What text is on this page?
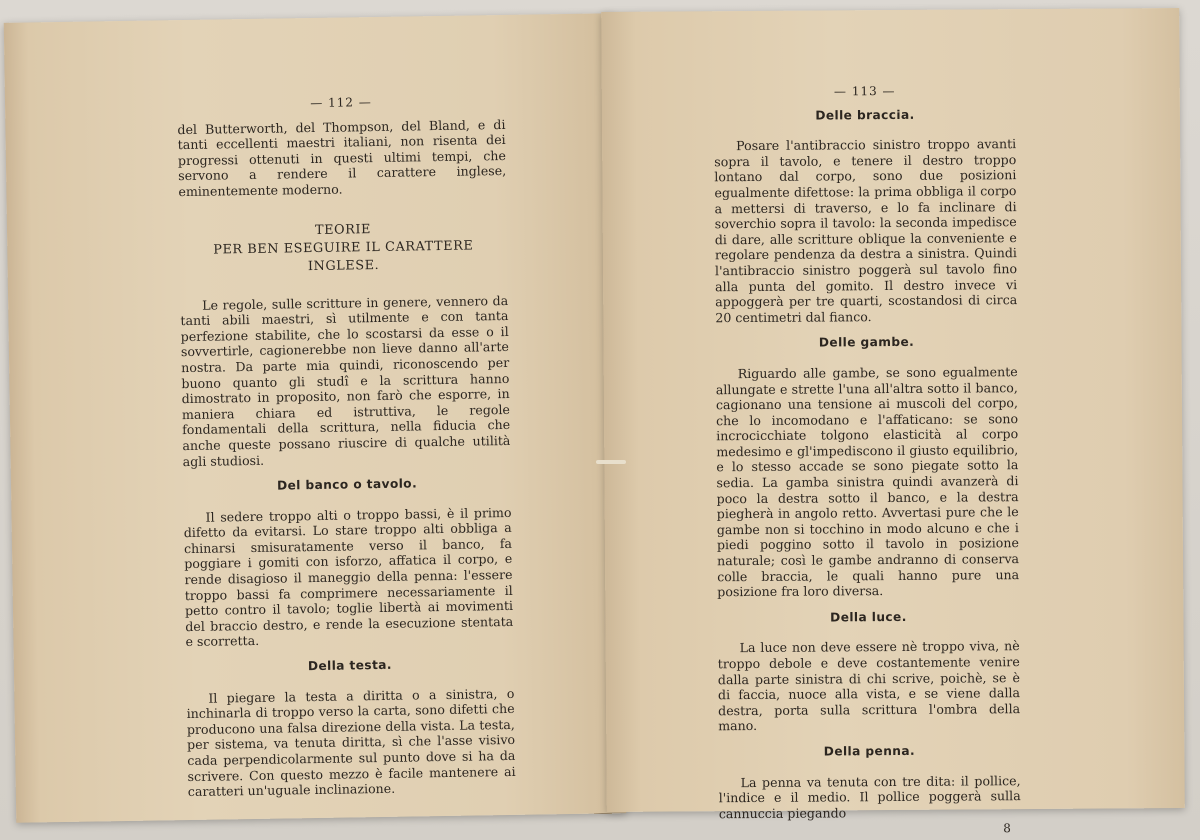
— 112 —

del Butterworth, del Thompson, del Bland, e di tanti eccellenti maestri italiani, non risenta dei progressi ottenuti in questi ultimi tempi, che servono a rendere il carattere inglese, eminentemente moderno.

TEORIE
PER BEN ESEGUIRE IL CARATTERE INGLESE.

Le regole, sulle scritture in genere, vennero da tanti abili maestri, sì utilmente e con tanta perfezione stabilite, che lo scostarsi da esse o il sovvertirle, cagionerebbe non lieve danno all'arte nostra. Da parte mia quindi, riconoscendo per buono quanto gli studî e la scrittura hanno dimostrato in proposito, non farò che esporre, in maniera chiara ed istruttiva, le regole fondamentali della scrittura, nella fiducia che anche queste possano riuscire di qualche utilità agli studiosi.

Del banco o tavolo.

Il sedere troppo alti o troppo bassi, è il primo difetto da evitarsi. Lo stare troppo alti obbliga a chinarsi smisuratamente verso il banco, fa poggiare i gomiti con isforzo, affatica il corpo, e rende disagioso il maneggio della penna: l'essere troppo bassi fa comprimere necessariamente il petto contro il tavolo; toglie libertà ai movimenti del braccio destro, e rende la esecuzione stentata e scorretta.

Della testa.

Il piegare la testa a diritta o a sinistra, o inchinarla di troppo verso la carta, sono difetti che producono una falsa direzione della vista. La testa, per sistema, va tenuta diritta, sì che l'asse visivo cada perpendicolarmente sul punto dove si ha da scrivere. Con questo mezzo è facile mantenere ai caratteri un'uguale inclinazione.

— 113 —
Delle braccia.

Posare l'antibraccio sinistro troppo avanti sopra il tavolo, e tenere il destro troppo lontano dal corpo, sono due posizioni egualmente difettose: la prima obbliga il corpo a mettersi di traverso, e lo fa inclinare di soverchio sopra il tavolo: la seconda impedisce di dare, alle scritture oblique la conveniente e regolare pendenza da destra a sinistra. Quindi l'antibraccio sinistro poggerà sul tavolo fino alla punta del gomito. Il destro invece vi appoggerà per tre quarti, scostandosi di circa 20 centimetri dal fianco.

Delle gambe.

Riguardo alle gambe, se sono egualmente allungate e strette l'una all'altra sotto il banco, cagionano una tensione ai muscoli del corpo, che lo incomodano e l'affaticano: se sono incrocicchiate tolgono elasticità al corpo medesimo e gl'impediscono il giusto equilibrio, e lo stesso accade se sono piegate sotto la sedia. La gamba sinistra quindi avanzerà di poco la destra sotto il banco, e la destra piegherà in angolo retto. Avvertasi pure che le gambe non si tocchino in modo alcuno e che i piedi poggino sotto il tavolo in posizione naturale; così le gambe andranno di conserva colle braccia, le quali hanno pure una posizione fra loro diversa.

Della luce.

La luce non deve essere nè troppo viva, nè troppo debole e deve costantemente venire dalla parte sinistra di chi scrive, poichè, se è di faccia, nuoce alla vista, e se viene dalla destra, porta sulla scrittura l'ombra della mano.

Della penna.

La penna va tenuta con tre dita: il pollice, l'indice e il medio. Il pollice poggerà sulla cannuccia piegando

8
